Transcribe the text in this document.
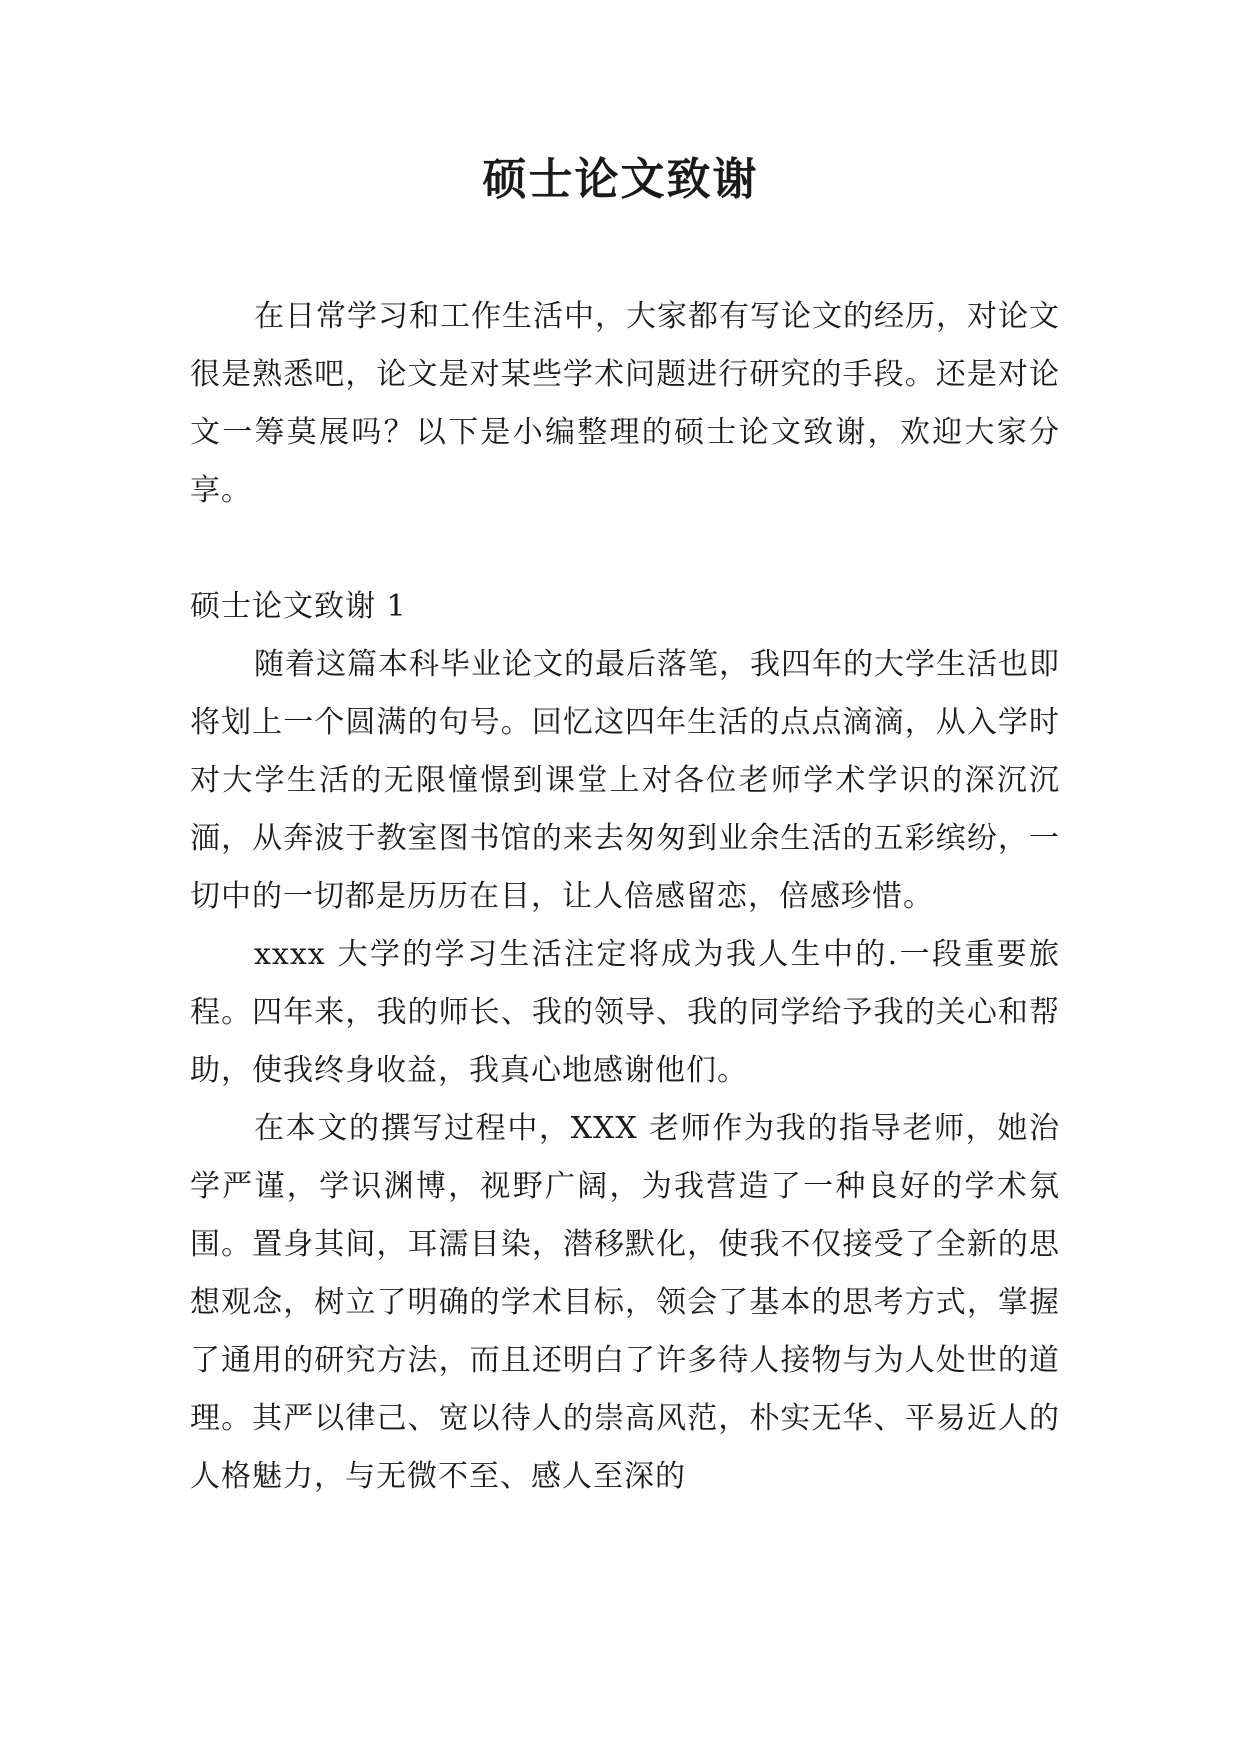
硕士论文致谢

在日常学习和工作生活中，大家都有写论文的经历，对论文很是熟悉吧，论文是对某些学术问题进行研究的手段。还是对论文一筹莫展吗？以下是小编整理的硕士论文致谢，欢迎大家分享。

硕士论文致谢 1

随着这篇本科毕业论文的最后落笔，我四年的大学生活也即将划上一个圆满的句号。回忆这四年生活的点点滴滴，从入学时对大学生活的无限憧憬到课堂上对各位老师学术学识的深沉沉湎，从奔波于教室图书馆的来去匆匆到业余生活的五彩缤纷，一切中的一切都是历历在目，让人倍感留恋，倍感珍惜。

xxxx 大学的学习生活注定将成为我人生中的.一段重要旅程。四年来，我的师长、我的领导、我的同学给予我的关心和帮助，使我终身收益，我真心地感谢他们。

在本文的撰写过程中，XXX 老师作为我的指导老师，她治学严谨，学识渊博，视野广阔，为我营造了一种良好的学术氛围。置身其间，耳濡目染，潜移默化，使我不仅接受了全新的思想观念，树立了明确的学术目标，领会了基本的思考方式，掌握了通用的研究方法，而且还明白了许多待人接物与为人处世的道理。其严以律己、宽以待人的崇高风范，朴实无华、平易近人的人格魅力，与无微不至、感人至深的
